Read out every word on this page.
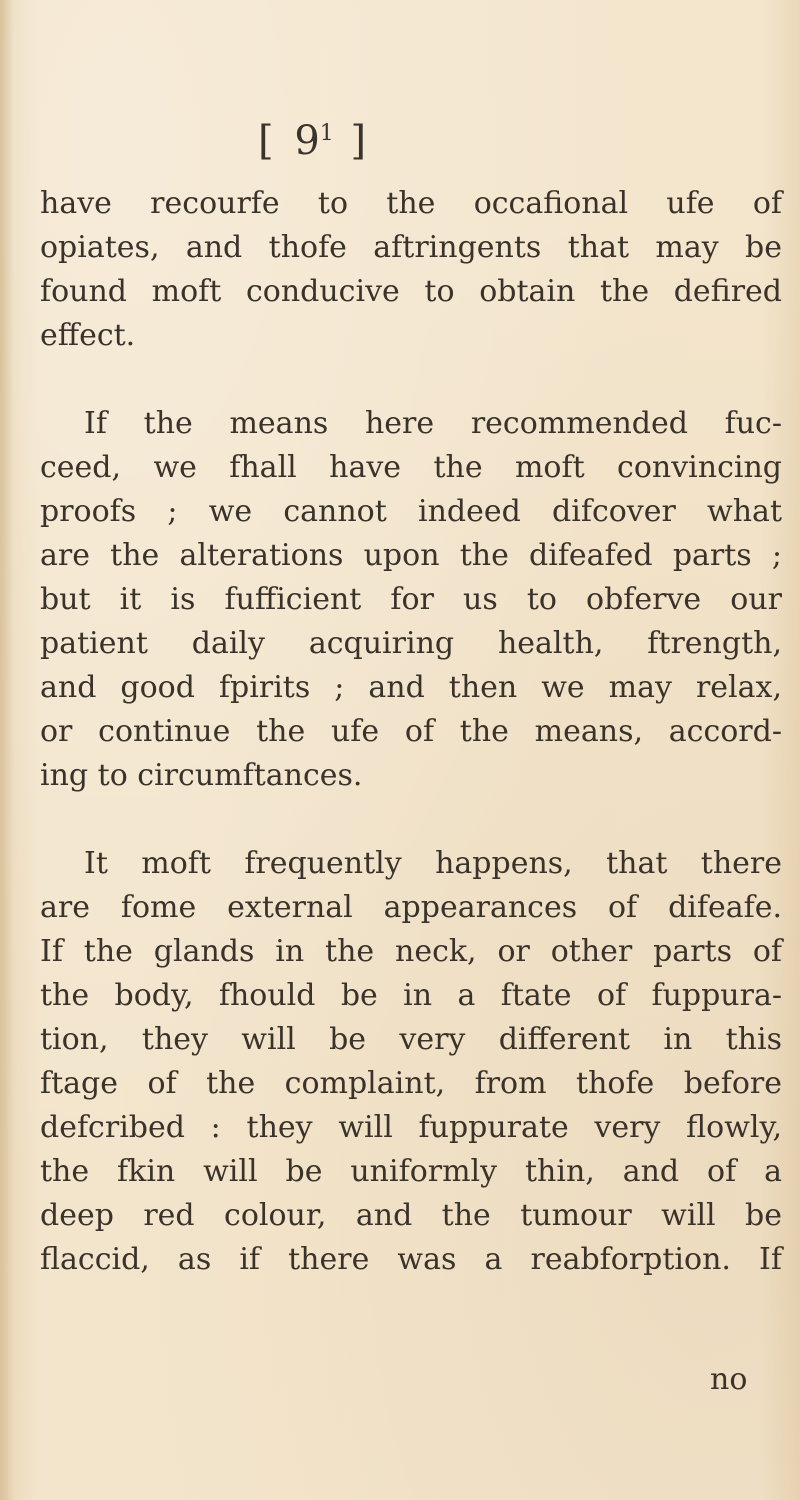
[ $9^1$ ]
have recourfe to the occafional ufe of
opiates, and thofe aftringents that may be
found moft conducive to obtain the defired
effect.
If the means here recommended fuc-
ceed, we fhall have the moft convincing
proofs ; we cannot indeed difcover what
are the alterations upon the difeafed parts ;
but it is fufficient for us to obferve our
patient daily acquiring health, ftrength,
and good fpirits ; and then we may relax,
or continue the ufe of the means, accord-
ing to circumftances.
It moft frequently happens, that there
are fome external appearances of difeafe.
If the glands in the neck, or other parts of
the body, fhould be in a ftate of fuppura-
tion, they will be very different in this
ftage of the complaint, from thofe before
defcribed : they will fuppurate very flowly,
the fkin will be uniformly thin, and of a
deep red colour, and the tumour will be
flaccid, as if there was a reabforption. If
no
